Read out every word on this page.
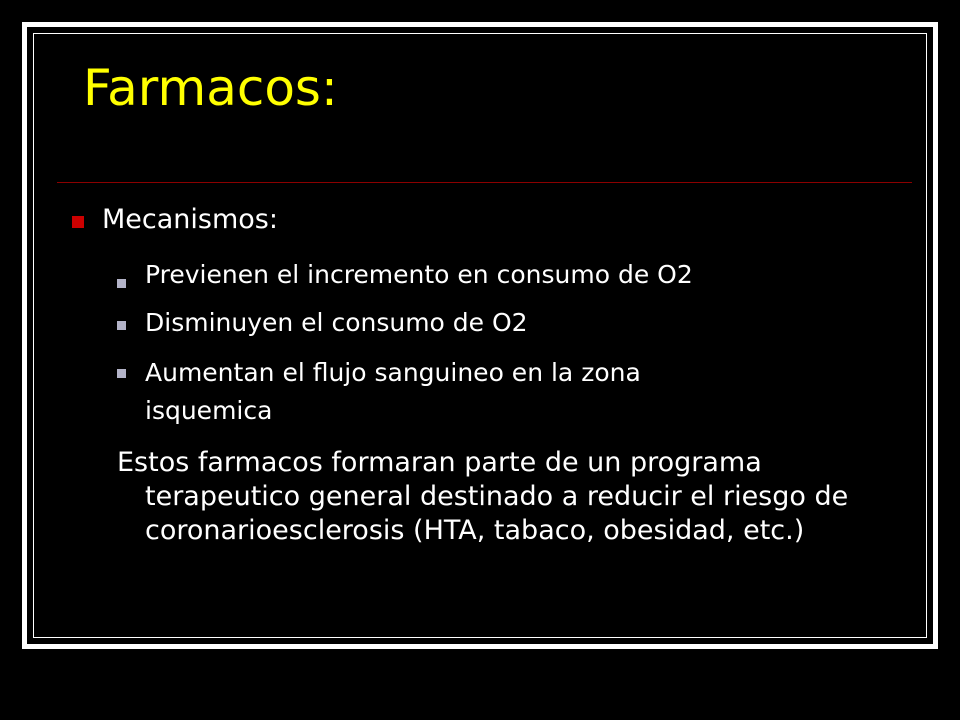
Farmacos:
Mecanismos:
Previenen el incremento en consumo de O2
Disminuyen el consumo de O2
Aumentan el flujo sanguineo en la zona
isquemica
Estos farmacos formaran parte de un programa terapeutico general destinado a reducir el riesgo de coronarioesclerosis (HTA, tabaco, obesidad, etc.)
